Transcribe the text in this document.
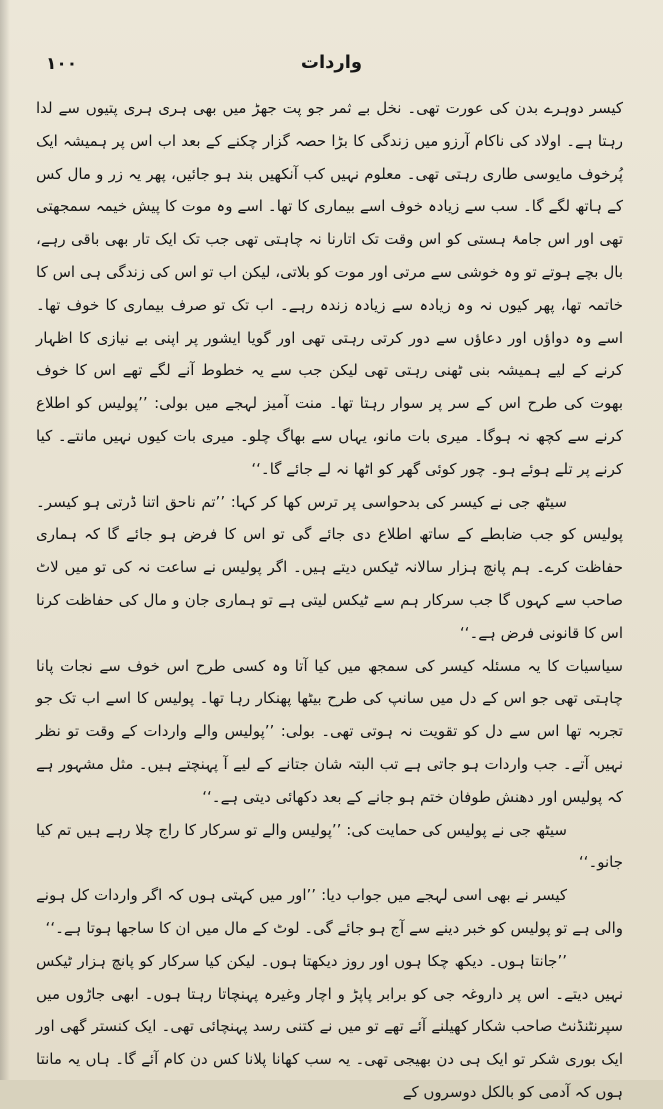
۱۰۰	واردات

کیسر دوہرے بدن کی عورت تھی۔ نخل بے ثمر جو پت جھڑ میں بھی ہری ہری پتیوں سے لدا رہتا ہے۔ اولاد کی ناکام آرزو میں زندگی کا بڑا حصہ گزار چکنے کے بعد اب اس پر ہمیشہ ایک پُرخوف مایوسی طاری رہتی تھی۔ معلوم نہیں کب آنکھیں بند ہو جائیں، پھر یہ زر و مال کس کے ہاتھ لگے گا۔ سب سے زیادہ خوف اسے بیماری کا تھا۔ اسے وہ موت کا پیش خیمہ سمجھتی تھی اور اس جامۂ ہستی کو اس وقت تک اتارنا نہ چاہتی تھی جب تک ایک تار بھی باقی رہے، بال بچے ہوتے تو وہ خوشی سے مرتی اور موت کو بلاتی، لیکن اب تو اس کی زندگی ہی اس کا خاتمہ تھا، پھر کیوں نہ وہ زیادہ سے زیادہ زندہ رہے۔ اب تک تو صرف بیماری کا خوف تھا۔ اسے وہ دواؤں اور دعاؤں سے دور کرتی رہتی تھی اور گویا ایشور پر اپنی بے نیازی کا اظہار کرنے کے لیے ہمیشہ بنی ٹھنی رہتی تھی لیکن جب سے یہ خطوط آنے لگے تھے اس کا خوف بھوت کی طرح اس کے سر پر سوار رہتا تھا۔ منت آمیز لہجے میں بولی: ’’پولیس کو اطلاع کرنے سے کچھ نہ ہوگا۔ میری بات مانو، یہاں سے بھاگ چلو۔ میری بات کیوں نہیں مانتے۔ کیا کرنے پر تلے ہوئے ہو۔ چور کوئی گھر کو اٹھا نہ لے جائے گا۔‘‘

سیٹھ جی نے کیسر کی بدحواسی پر ترس کھا کر کہا: ’’تم ناحق اتنا ڈرتی ہو کیسر۔ پولیس کو جب ضابطے کے ساتھ اطلاع دی جائے گی تو اس کا فرض ہو جائے گا کہ ہماری حفاظت کرے۔ ہم پانچ ہزار سالانہ ٹیکس دیتے ہیں۔ اگر پولیس نے ساعت نہ کی تو میں لاٹ صاحب سے کہوں گا جب سرکار ہم سے ٹیکس لیتی ہے تو ہماری جان و مال کی حفاظت کرنا اس کا قانونی فرض ہے۔‘‘

سیاسیات کا یہ مسئلہ کیسر کی سمجھ میں کیا آتا وہ کسی طرح اس خوف سے نجات پانا چاہتی تھی جو اس کے دل میں سانپ کی طرح بیٹھا پھنکار رہا تھا۔ پولیس کا اسے اب تک جو تجربہ تھا اس سے دل کو تقویت نہ ہوتی تھی۔ بولی: ’’پولیس والے واردات کے وقت تو نظر نہیں آتے۔ جب واردات ہو جاتی ہے تب البتہ شان جتانے کے لیے آ پہنچتے ہیں۔ مثل مشہور ہے کہ پولیس اور دھنش طوفان ختم ہو جانے کے بعد دکھائی دیتی ہے۔‘‘

سیٹھ جی نے پولیس کی حمایت کی: ’’پولیس والے تو سرکار کا راج چلا رہے ہیں تم کیا جانو۔‘‘

کیسر نے بھی اسی لہجے میں جواب دیا: ’’اور میں کہتی ہوں کہ اگر واردات کل ہونے والی ہے تو پولیس کو خبر دینے سے آج ہو جائے گی۔ لوٹ کے مال میں ان کا ساجھا ہوتا ہے۔‘‘

’’جانتا ہوں۔ دیکھ چکا ہوں اور روز دیکھتا ہوں۔ لیکن کیا سرکار کو پانچ ہزار ٹیکس نہیں دیتے۔ اس پر داروغہ جی کو برابر پاپڑ و اچار وغیرہ پہنچاتا رہتا ہوں۔ ابھی جاڑوں میں سپرنٹنڈنٹ صاحب شکار کھیلنے آئے تھے تو میں نے کتنی رسد پہنچائی تھی۔ ایک کنستر گھی اور ایک بوری شکر تو ایک ہی دن بھیجی تھی۔ یہ سب کھانا پلانا کس دن کام آئے گا۔ ہاں یہ مانتا ہوں کہ آدمی کو بالکل دوسروں کے
